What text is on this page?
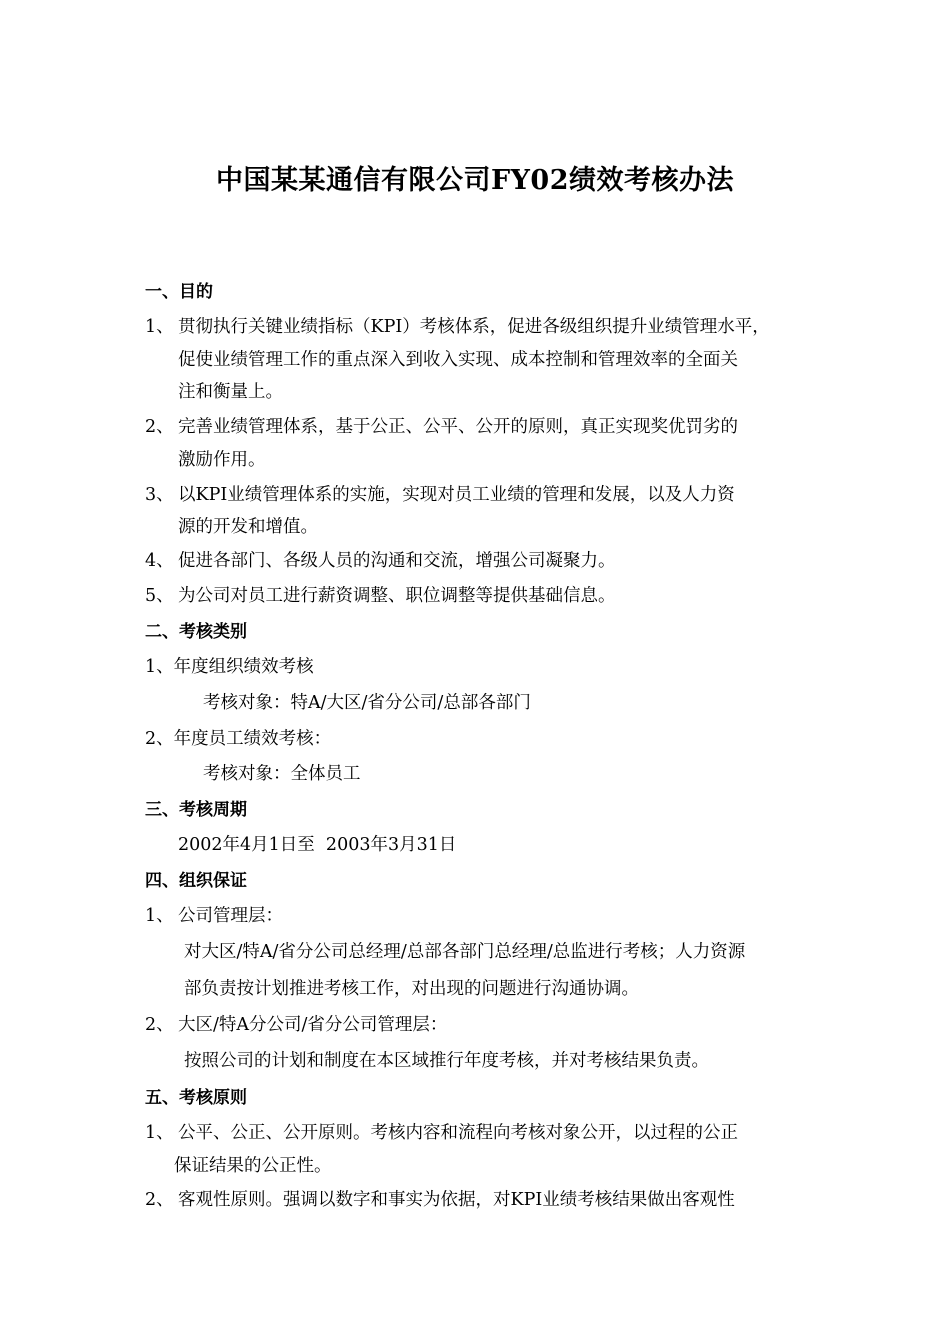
中国某某通信有限公司FY02绩效考核办法
一、目的
1、 贯彻执行关键业绩指标（KPI）考核体系，促进各级组织提升业绩管理水平，
促使业绩管理工作的重点深入到收入实现、成本控制和管理效率的全面关
注和衡量上。
2、 完善业绩管理体系，基于公正、公平、公开的原则，真正实现奖优罚劣的
激励作用。
3、 以KPI业绩管理体系的实施，实现对员工业绩的管理和发展，以及人力资
源的开发和增值。
4、 促进各部门、各级人员的沟通和交流，增强公司凝聚力。
5、 为公司对员工进行薪资调整、职位调整等提供基础信息。
二、考核类别
1、年度组织绩效考核
考核对象：特A/大区/省分公司/总部各部门
2、年度员工绩效考核：
考核对象：全体员工
三、考核周期
2002年4月1日至  2003年3月31日
四、组织保证
1、 公司管理层：
对大区/特A/省分公司总经理/总部各部门总经理/总监进行考核；人力资源
部负责按计划推进考核工作，对出现的问题进行沟通协调。
2、 大区/特A分公司/省分公司管理层：
按照公司的计划和制度在本区域推行年度考核，并对考核结果负责。
五、考核原则
1、 公平、公正、公开原则。考核内容和流程向考核对象公开，以过程的公正
保证结果的公正性。
2、 客观性原则。强调以数字和事实为依据，对KPI业绩考核结果做出客观性
